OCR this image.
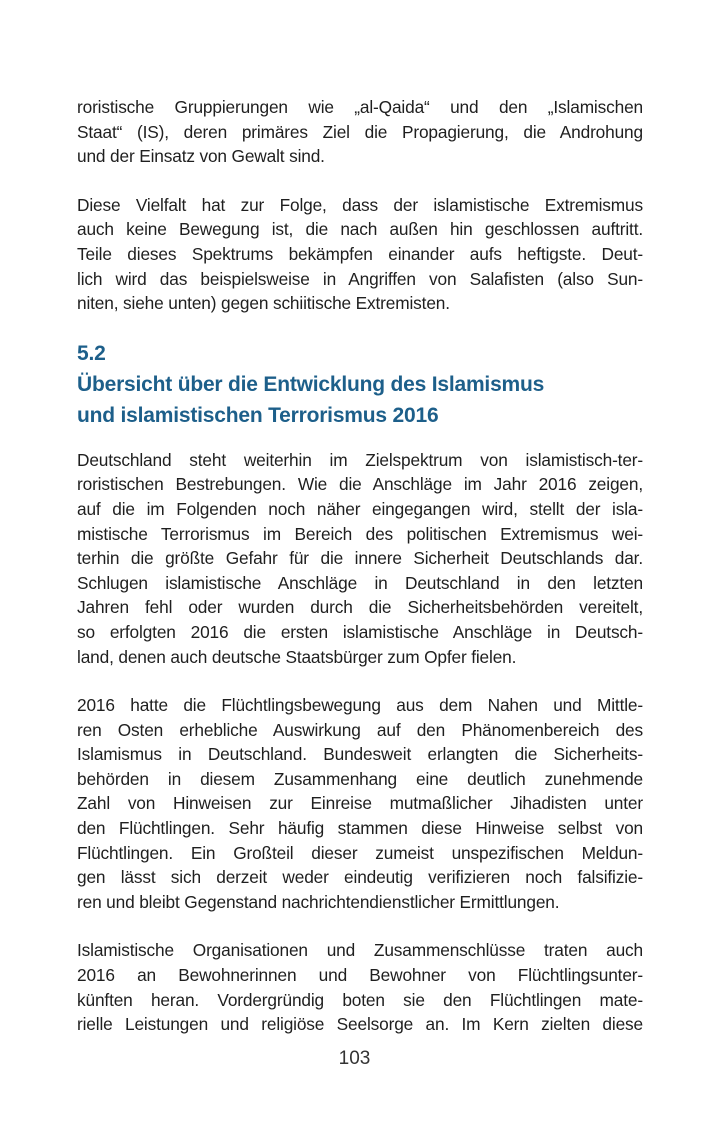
roristische Gruppierungen wie „al-Qaida“ und den „Islamischen
Staat“ (IS), deren primäres Ziel die Propagierung, die Androhung
und der Einsatz von Gewalt sind.

Diese Vielfalt hat zur Folge, dass der islamistische Extremismus
auch keine Bewegung ist, die nach außen hin geschlossen auftritt.
Teile dieses Spektrums bekämpfen einander aufs heftigste. Deut-
lich wird das beispielsweise in Angriffen von Salafisten (also Sun-
niten, siehe unten) gegen schiitische Extremisten.

5.2
Übersicht über die Entwicklung des Islamismus
und islamistischen Terrorismus 2016

Deutschland steht weiterhin im Zielspektrum von islamistisch-ter-
roristischen Bestrebungen. Wie die Anschläge im Jahr 2016 zeigen,
auf die im Folgenden noch näher eingegangen wird, stellt der isla-
mistische Terrorismus im Bereich des politischen Extremismus wei-
terhin die größte Gefahr für die innere Sicherheit Deutschlands dar.
Schlugen islamistische Anschläge in Deutschland in den letzten
Jahren fehl oder wurden durch die Sicherheitsbehörden vereitelt,
so erfolgten 2016 die ersten islamistische Anschläge in Deutsch-
land, denen auch deutsche Staatsbürger zum Opfer fielen.

2016 hatte die Flüchtlingsbewegung aus dem Nahen und Mittle-
ren Osten erhebliche Auswirkung auf den Phänomenbereich des
Islamismus in Deutschland. Bundesweit erlangten die Sicherheits-
behörden in diesem Zusammenhang eine deutlich zunehmende
Zahl von Hinweisen zur Einreise mutmaßlicher Jihadisten unter
den Flüchtlingen. Sehr häufig stammen diese Hinweise selbst von
Flüchtlingen. Ein Großteil dieser zumeist unspezifischen Meldun-
gen lässt sich derzeit weder eindeutig verifizieren noch falsifizie-
ren und bleibt Gegenstand nachrichtendienstlicher Ermittlungen.

Islamistische Organisationen und Zusammenschlüsse traten auch
2016 an Bewohnerinnen und Bewohner von Flüchtlingsunter-
künften heran. Vordergründig boten sie den Flüchtlingen mate-
rielle Leistungen und religiöse Seelsorge an. Im Kern zielten diese

103
